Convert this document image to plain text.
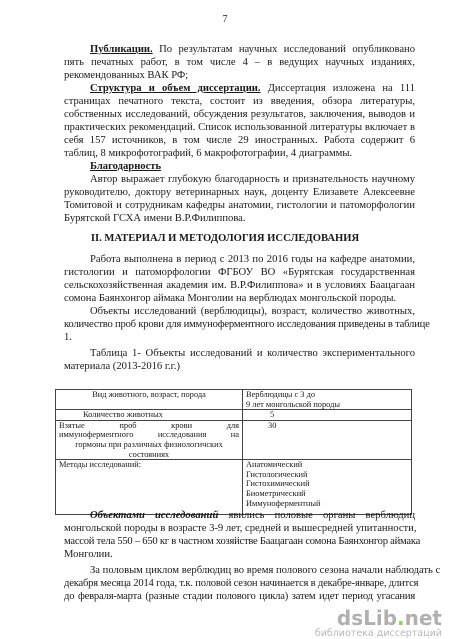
7
Публикации. По результатам научных исследований опубликовано
пять печатных работ, в том числе 4 – в ведущих научных изданиях,
рекомендованных ВАК РФ;
Структура и объем диссертации. Диссертация изложена на 111
страницах печатного текста, состоит из введения, обзора литературы,
собственных исследований, обсуждения результатов, заключения, выводов и
практических рекомендаций. Список использованной литературы включает в
себя 157 источников, в том числе 29 иностранных. Работа содержит 6
таблиц, 8 микрофотографий, 6 макрофотографии, 4 диаграммы.
Благодарность
Автор выражает глубокую благодарность и признательность научному
руководителю, доктору ветеринарных наук, доценту Елизавете Алексеевне
Томитовой и сотрудникам кафедры анатомии, гистологии и патоморфологии
Бурятской ГСХА имени В.Р.Филиппова.
II. МАТЕРИАЛ И МЕТОДОЛОГИЯ ИССЛЕДОВАНИЯ
Работа выполнена в период с 2013 по 2016 годы на кафедре анатомии,
гистологии и патоморфологии ФГБОУ ВО «Бурятская государственная
сельскохозяйственная академия им. В.Р.Филиппова» и в условиях Баацагаан
сомона Баянхонгор аймака Монголии на верблюдах монгольской породы.
Объекты исследований (верблюдицы), возраст, количество животных,
количество проб крови для иммуноферментного исследования приведены в таблице
1.
Таблица 1- Объекты исследований и количество экспериментального
материала (2013-2016 г.г.)
Вид животного, возраст, порода	Верблюдицы с 3 до
9 лет монгольской породы

Количество животных	5

Взятые проб крови для
иммуноферментного исследования на
гормоны при различных физиологичских
состояниях	30

Методы исследований:	Анатомический
Гистологический
Гистохимический
Биометрический
Иммуноферментный
Объектами исследований явились половые органы верблюдиц
монгольской породы в возрасте 3-9 лет, средней и вышесредней упитанности,
массой тела 550 – 650 кг в частном хозяйстве Баацагаан сомона Баянхонгор аймака
Монголии.
За половым циклом верблюдиц во время полового сезона начали наблюдать с
декабря месяца 2014 года, т.к. половой сезон начинается в декабре-январе, длится
до февраля-марта (разные стадии полового цикла) затем идет период угасания
dsLib.net
библиотека диссертаций
